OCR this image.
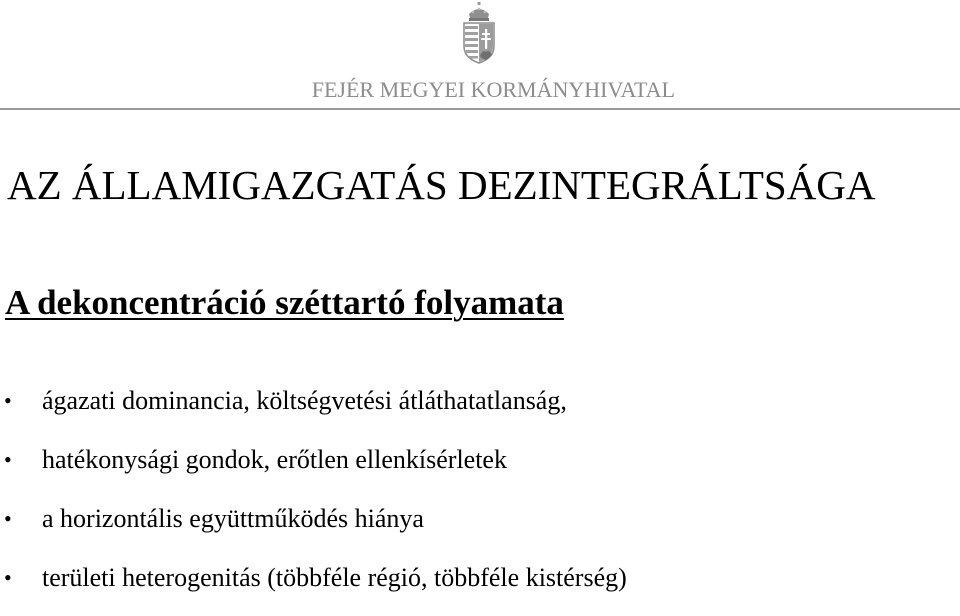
FEJÉR MEGYEI KORMÁNYHIVATAL
AZ ÁLLAMIGAZGATÁS DEZINTEGRÁLTSÁGA
A dekoncentráció széttartó folyamata
• ágazati dominancia, költségvetési átláthatatlanság,
• hatékonysági gondok, erőtlen ellenkísérletek
• a horizontális együttműködés hiánya
• területi heterogenitás (többféle régió, többféle kistérség)
